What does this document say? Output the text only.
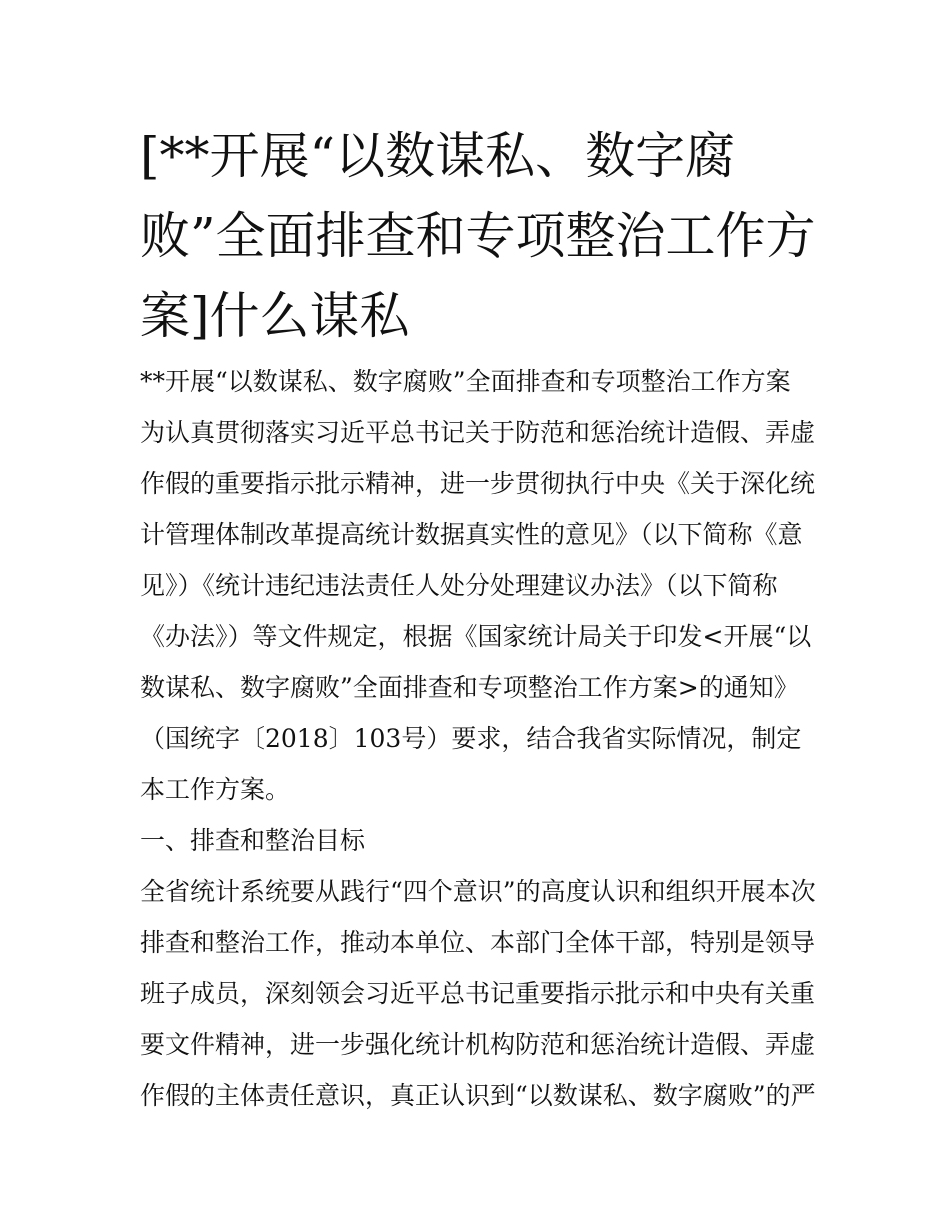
[**开展“以数谋私、数字腐败”全面排查和专项整治工作方案]什么谋私

**开展“以数谋私、数字腐败”全面排查和专项整治工作方案

为认真贯彻落实习近平总书记关于防范和惩治统计造假、弄虚作假的重要指示批示精神，进一步贯彻执行中央《关于深化统计管理体制改革提高统计数据真实性的意见》（以下简称《意见》）《统计违纪违法责任人处分处理建议办法》（以下简称《办法》）等文件规定，根据《国家统计局关于印发<开展“以数谋私、数字腐败”全面排查和专项整治工作方案>的通知》（国统字〔2018〕103号）要求，结合我省实际情况，制定本工作方案。

一、排查和整治目标

全省统计系统要从践行“四个意识”的高度认识和组织开展本次排查和整治工作，推动本单位、本部门全体干部，特别是领导班子成员，深刻领会习近平总书记重要指示批示和中央有关重要文件精神，进一步强化统计机构防范和惩治统计造假、弄虚作假的主体责任意识，真正认识到“以数谋私、数字腐败”的严
